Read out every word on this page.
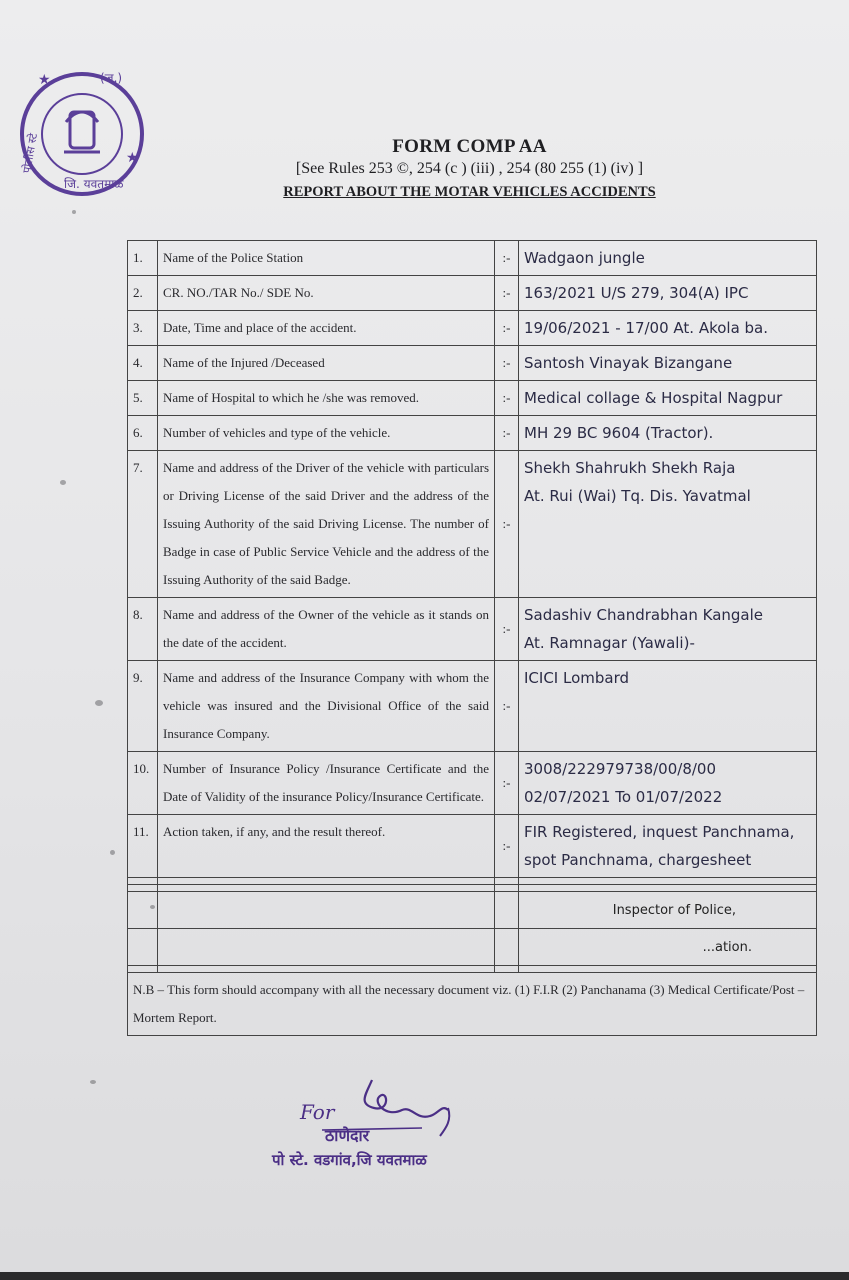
★
★
(ज.)
जि. यवतमाळ
पोलीस स्टे	FORM COMP AA
[See Rules 253 ©, 254 (c ) (iii) , 254 (80 255 (1) (iv) ]
REPORT ABOUT THE MOTAR VEHICLES ACCIDENTS
1.	Name of the Police Station	:-	Wadgaon jungle

2.	CR. NO./TAR No./ SDE No.	:-	163/2021 U/S 279, 304(A) IPC

3.	Date, Time and place of the accident.	:-	19/06/2021 - 17/00 At. Akola ba.

4.	Name of the Injured /Deceased	:-	Santosh Vinayak Bizangane

5.	Name of Hospital to which he /she was removed.	:-	Medical collage & Hospital Nagpur

6.	Number of vehicles and type of the vehicle.	:-	MH 29 BC 9604 (Tractor).

7.	Name and address of the Driver of the vehicle with particulars or Driving License of the said Driver and the address of the Issuing Authority of the said Driving License. The number of Badge in case of Public Service Vehicle and the address of the Issuing Authority of the said Badge.	:-	Shekh Shahrukh Shekh Raja
At. Rui (Wai) Tq. Dis. Yavatmal

8.	Name and address of the Owner of the vehicle as it stands on the date of the accident.	:-	Sadashiv Chandrabhan Kangale
At. Ramnagar (Yawali)-

9.	Name and address of the Insurance Company with whom the vehicle was insured and the Divisional Office of the said Insurance Company.	:-	ICICI Lombard

10.	Number of Insurance Policy /Insurance Certificate and the Date of Validity of the insurance Policy/Insurance Certificate.	:-	3008/222979738/00/8/00
02/07/2021 To 01/07/2022

11.	Action taken, if any, and the result thereof.	:-	FIR Registered, inquest Panchnama,
spot Panchnama, chargesheet

			Inspector of Police,
			...ation.

N.B – This form should accompany with all the necessary document viz. (1) F.I.R (2) Panchanama (3) Medical Certificate/Post –Mortem Report.			
For
ठाणेदार
पो स्टे. वडगांव,जि यवतमाळ
